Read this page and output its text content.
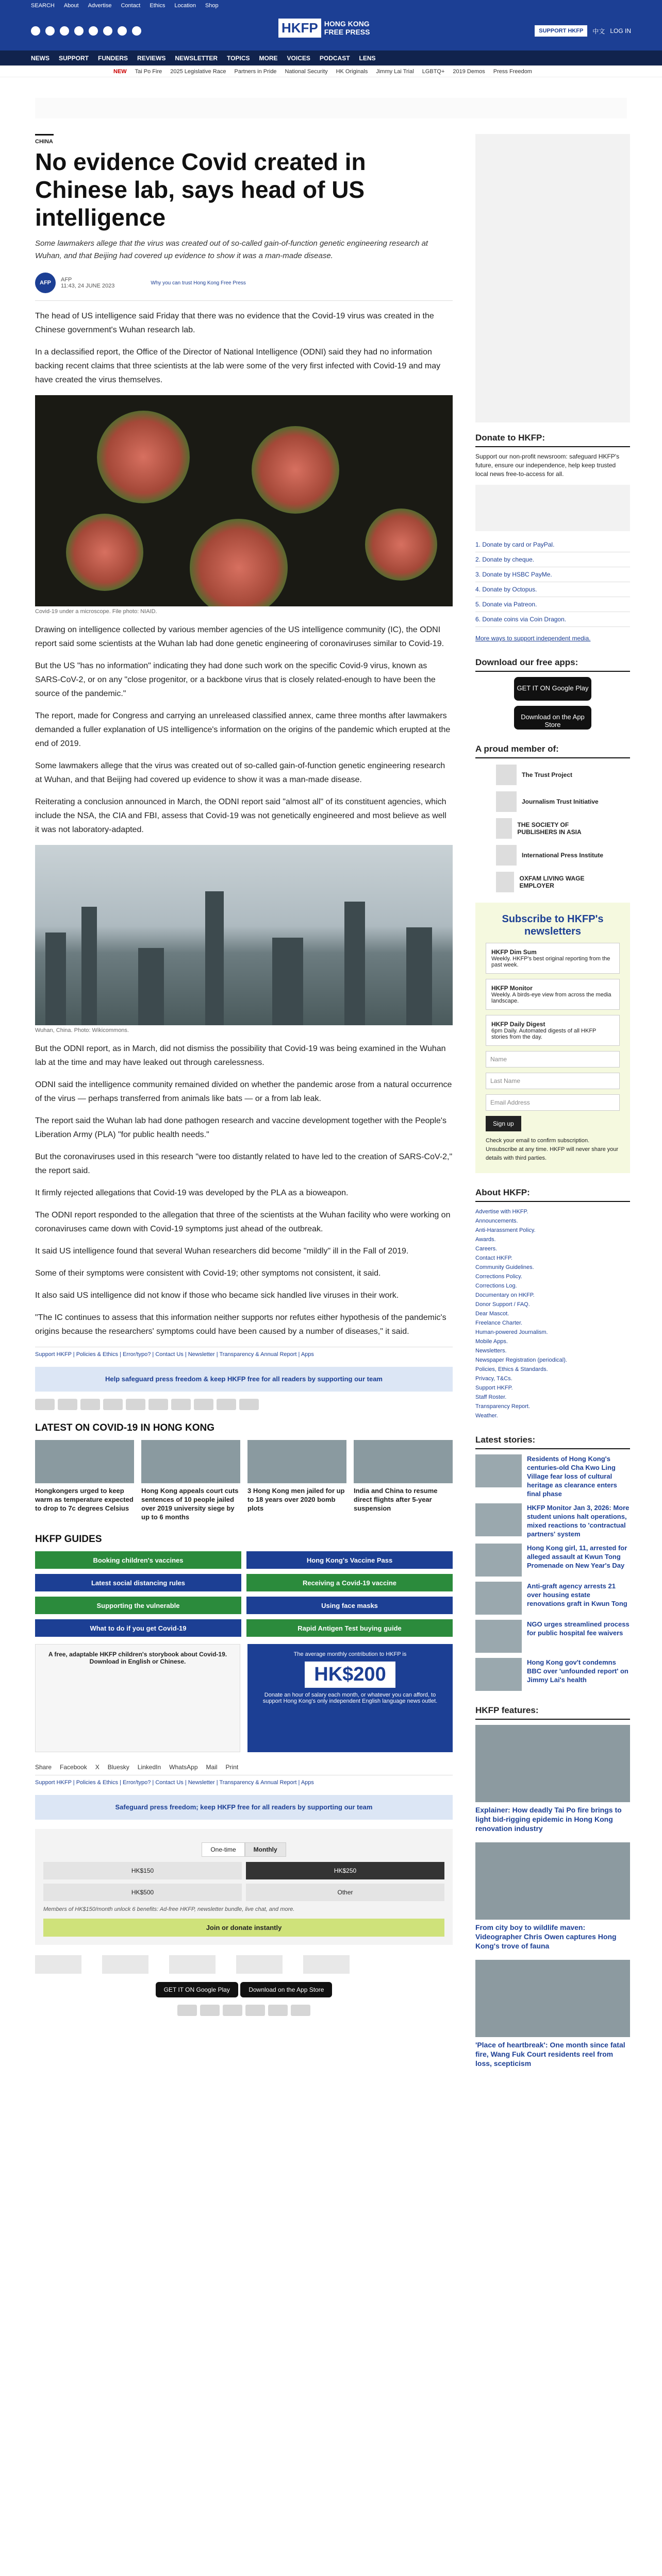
SEARCH About Advertise Contact Ethics Location Shop
HKFP HONG KONG
FREE PRESS	SUPPORT HKFP	中文 LOG IN
NEWS SUPPORT FUNDERS REVIEWS NEWSLETTER TOPICS MORE VOICES PODCAST LENS
NEW Tai Po Fire 2025 Legislative Race Partners in Pride National Security HK Originals Jimmy Lai Trial LGBTQ+ 2019 Demos Press Freedom
CHINA
No evidence Covid created in Chinese lab, says head of US intelligence
Some lawmakers allege that the virus was created out of so-called gain-of-function genetic engineering research at Wuhan, and that Beijing had covered up evidence to show it was a man-made disease.
AFP	AFP
11:43, 24 JUNE 2023	Why you can trust Hong Kong Free Press

The head of US intelligence said Friday that there was no evidence that the Covid-19 virus was created in the Chinese government's Wuhan research lab.

In a declassified report, the Office of the Director of National Intelligence (ODNI) said they had no information backing recent claims that three scientists at the lab were some of the very first infected with Covid-19 and may have created the virus themselves.

Covid-19 under a microscope. File photo: NIAID.

Drawing on intelligence collected by various member agencies of the US intelligence community (IC), the ODNI report said some scientists at the Wuhan lab had done genetic engineering of coronaviruses similar to Covid-19.

But the US "has no information" indicating they had done such work on the specific Covid-9 virus, known as SARS-CoV-2, or on any "close progenitor, or a backbone virus that is closely related-enough to have been the source of the pandemic."

The report, made for Congress and carrying an unreleased classified annex, came three months after lawmakers demanded a fuller explanation of US intelligence's information on the origins of the pandemic which erupted at the end of 2019.

Some lawmakers allege that the virus was created out of so-called gain-of-function genetic engineering research at Wuhan, and that Beijing had covered up evidence to show it was a man-made disease.

Reiterating a conclusion announced in March, the ODNI report said "almost all" of its constituent agencies, which include the NSA, the CIA and FBI, assess that Covid-19 was not genetically engineered and most believe as well it was not laboratory-adapted.

Wuhan, China. Photo: Wikicommons.

But the ODNI report, as in March, did not dismiss the possibility that Covid-19 was being examined in the Wuhan lab at the time and may have leaked out through carelessness.

ODNI said the intelligence community remained divided on whether the pandemic arose from a natural occurrence of the virus — perhaps transferred from animals like bats — or a from lab leak.

The report said the Wuhan lab had done pathogen research and vaccine development together with the People's Liberation Army (PLA) "for public health needs."

But the coronaviruses used in this research "were too distantly related to have led to the creation of SARS-CoV-2," the report said.

It firmly rejected allegations that Covid-19 was developed by the PLA as a bioweapon.

The ODNI report responded to the allegation that three of the scientists at the Wuhan facility who were working on coronaviruses came down with Covid-19 symptoms just ahead of the outbreak.

It said US intelligence found that several Wuhan researchers did become "mildly" ill in the Fall of 2019.

Some of their symptoms were consistent with Covid-19; other symptoms not consistent, it said.

It also said US intelligence did not know if those who became sick handled live viruses in their work.

"The IC continues to assess that this information neither supports nor refutes either hypothesis of the pandemic's origins because the researchers' symptoms could have been caused by a number of diseases," it said.

Support HKFP | Policies & Ethics | Error/typo? | Contact Us | Newsletter | Transparency & Annual Report | Apps
Help safeguard press freedom & keep HKFP free for all readers by supporting our team
LATEST ON COVID-19 IN HONG KONG
Hongkongers urged to keep warm as temperature expected to drop to 7c degrees Celsius
Hong Kong appeals court cuts sentences of 10 people jailed over 2019 university siege by up to 6 months
3 Hong Kong men jailed for up to 18 years over 2020 bomb plots
India and China to resume direct flights after 5-year suspension
HKFP GUIDES
Booking children's vaccines	Hong Kong's Vaccine Pass
Latest social distancing rules	Receiving a Covid-19 vaccine
Supporting the vulnerable	Using face masks
What to do if you get Covid-19	Rapid Antigen Test buying guide
A free, adaptable HKFP children's storybook about Covid-19. Download in English or Chinese.
The average monthly contribution to HKFP is
HK$200
Donate an hour of salary each month, or whatever you can afford, to support Hong Kong's only independent English language news outlet.
Share Facebook X Bluesky LinkedIn WhatsApp Mail Print
Support HKFP | Policies & Ethics | Error/typo? | Contact Us | Newsletter | Transparency & Annual Report | Apps
Safeguard press freedom; keep HKFP free for all readers by supporting our team
One-time	Monthly
HK$150	HK$250
HK$500	Other
Members of HK$150/month unlock 6 benefits: Ad-free HKFP, newsletter bundle, live chat, and more.
Join or donate instantly
GET IT ON Google Play	Download on the App Store
Donate to HKFP:

Support our non-profit newsroom: safeguard HKFP's future, ensure our independence, help keep trusted local news free-to-access for all.

1. Donate by card or PayPal.
2. Donate by cheque.
3. Donate by HSBC PayMe.
4. Donate by Octopus.
5. Donate via Patreon.
6. Donate coins via Coin Dragon.

More ways to support independent media.

Download our free apps:
GET IT ON Google Play
Download on the App Store
A proud member of:
The Trust Project
Journalism Trust Initiative
THE SOCIETY OF PUBLISHERS IN ASIA
International Press Institute
OXFAM LIVING WAGE EMPLOYER
Subscribe to HKFP's newsletters
HKFP Dim Sum
Weekly. HKFP's best original reporting from the past week.
HKFP Monitor
Weekly. A birds-eye view from across the media landscape.
HKFP Daily Digest
6pm Daily. Automated digests of all HKFP stories from the day.
Name
Last Name
Email Address
Sign up

Check your email to confirm subscription. Unsubscribe at any time. HKFP will never share your details with third parties.

About HKFP:
Advertise with HKFP.
Announcements.
Anti-Harassment Policy.
Awards.
Careers.
Contact HKFP.
Community Guidelines.
Corrections Policy.
Corrections Log.
Documentary on HKFP.
Donor Support / FAQ.
Dear Mascot.
Freelance Charter.
Human-powered Journalism.
Mobile Apps.
Newsletters.
Newspaper Registration (periodical).
Policies, Ethics & Standards.
Privacy, T&Cs.
Support HKFP.
Staff Roster.
Transparency Report.
Weather.
Latest stories:
Residents of Hong Kong's centuries-old Cha Kwo Ling Village fear loss of cultural heritage as clearance enters final phase
HKFP Monitor Jan 3, 2026: More student unions halt operations, mixed reactions to 'contractual partners' system
Hong Kong girl, 11, arrested for alleged assault at Kwun Tong Promenade on New Year's Day
Anti-graft agency arrests 21 over housing estate renovations graft in Kwun Tong
NGO urges streamlined process for public hospital fee waivers
Hong Kong gov't condemns BBC over 'unfounded report' on Jimmy Lai's health
HKFP features:
Explainer: How deadly Tai Po fire brings to light bid-rigging epidemic in Hong Kong renovation industry
From city boy to wildlife maven: Videographer Chris Owen captures Hong Kong's trove of fauna
'Place of heartbreak': One month since fatal fire, Wang Fuk Court residents reel from loss, scepticism
